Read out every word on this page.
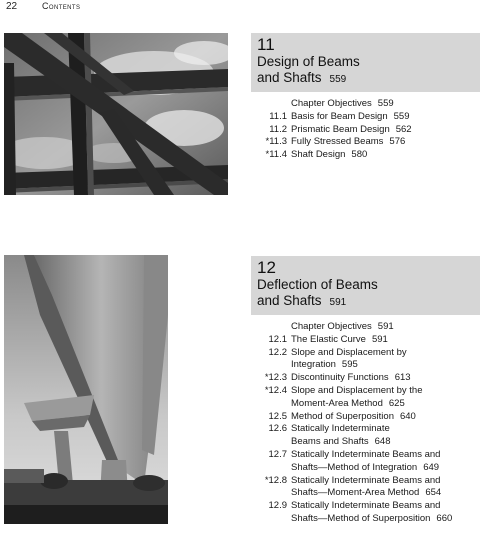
22	Contents
11
Design of Beams
and Shafts 559
Chapter Objectives 559
11.1 Basis for Beam Design 559
11.2 Prismatic Beam Design 562
*11.3 Fully Stressed Beams 576
*11.4 Shaft Design 580
12
Deflection of Beams
and Shafts 591
Chapter Objectives 591
12.1 The Elastic Curve 591
12.2 Slope and Displacement by
Integration 595
*12.3 Discontinuity Functions 613
*12.4 Slope and Displacement by the
Moment-Area Method 625
12.5 Method of Superposition 640
12.6 Statically Indeterminate
Beams and Shafts 648
12.7 Statically Indeterminate Beams and
Shafts—Method of Integration 649
*12.8 Statically Indeterminate Beams and
Shafts—Moment-Area Method 654
12.9 Statically Indeterminate Beams and
Shafts—Method of Superposition 660
